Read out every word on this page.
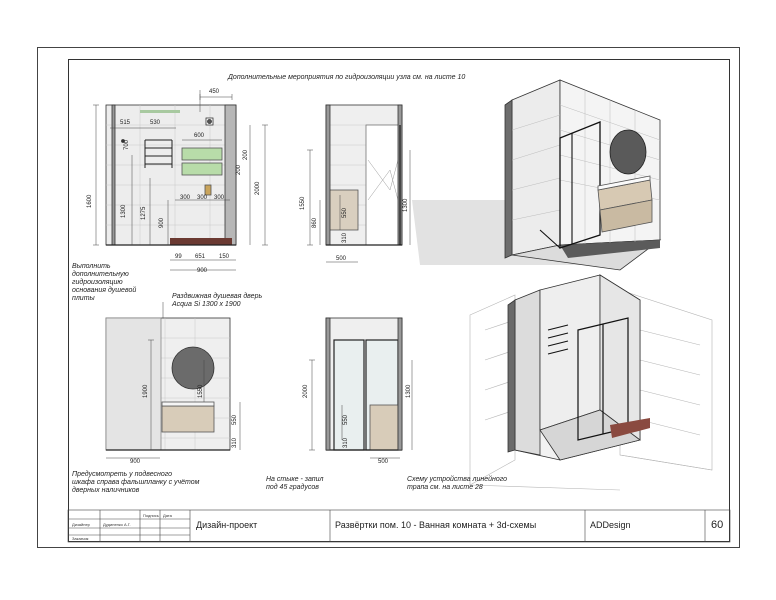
Дополнительные мероприятия по гидроизоляции узла см. на листе 10
Выполнить
дополнительную
гидроизоляцию
основания душевой
плиты	Раздвижная душевая дверь
Acqua Si 1300 x 1900
Предусмотреть у подвесного
шкафа справа фальшпланку с учётом
дверных наличников
На стыке - запил
под 45 градусов
Схему устройства линейного
трапа см. на листе 28
450
515	530
600
700
200
200
2000
1600
1300 1275
900
300 300 300
99 651 150
900
1550
860
550
310
1300
500
1900	1550
550
310
900
2000
550
310
1300
500
Подпись Дата
Дизайнер	Дудиненко А.Г.
Заказчик
Дизайн-проект	Развёртки пом. 10 - Ванная комната + 3d-схемы	ADDesign	60
